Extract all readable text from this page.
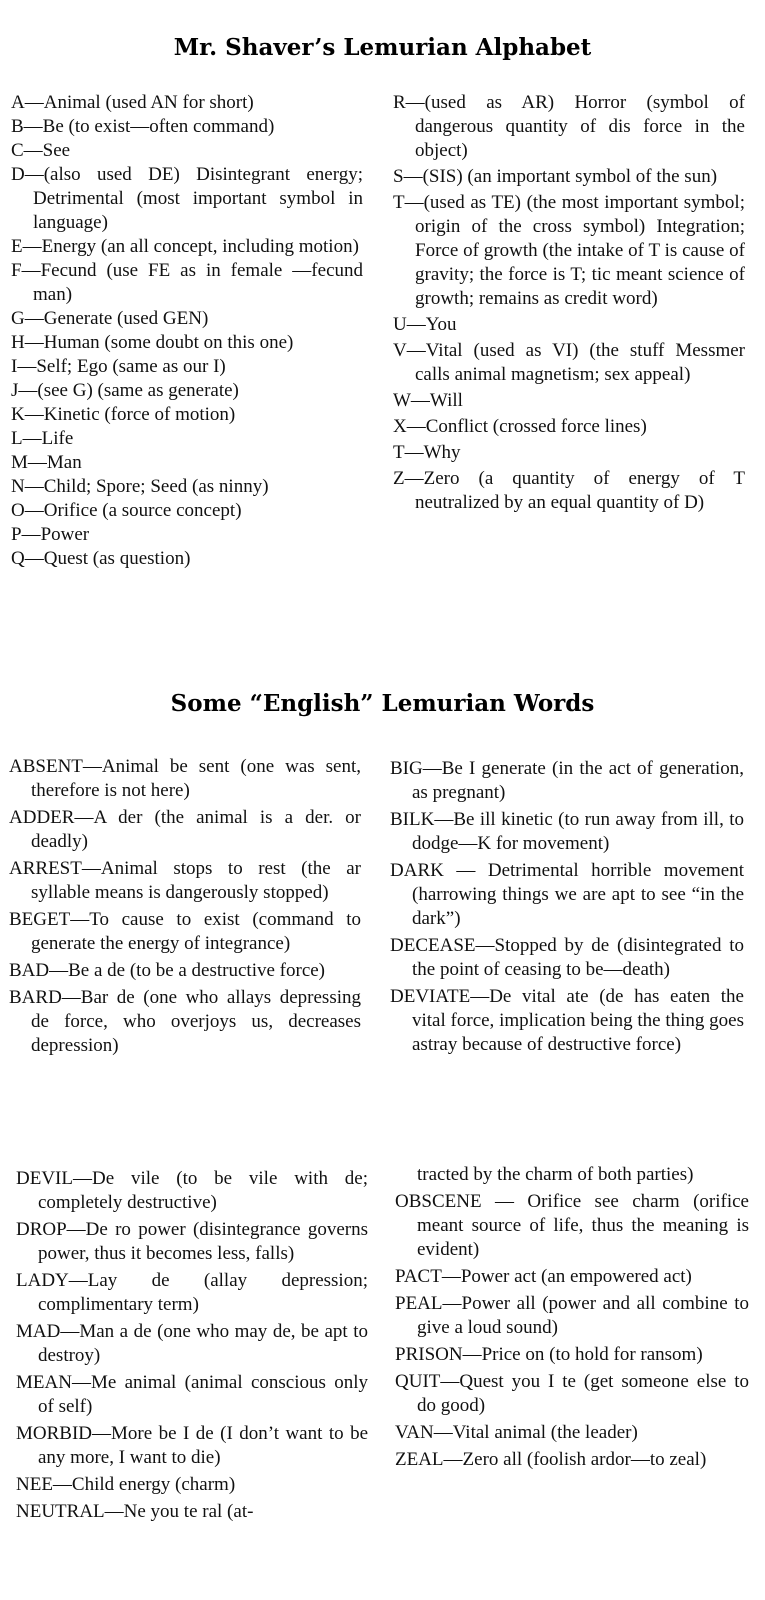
Mr. Shaver’s Lemurian Alphabet

A—Animal (used AN for short)

B—Be (to exist—often command)

C—See

D—(also used DE) Disintegrant energy; Detrimental (most important symbol in language)

E—Energy (an all concept, including motion)

F—Fecund (use FE as in female —fecund man)

G—Generate (used GEN)

H—Human (some doubt on this one)

I—Self; Ego (same as our I)

J—(see G) (same as generate)

K—Kinetic (force of motion)

L—Life

M—Man

N—Child; Spore; Seed (as ninny)

O—Orifice (a source concept)

P—Power

Q—Quest (as question)

R—(used as AR) Horror (symbol of dangerous quantity of dis force in the object)

S—(SIS) (an important symbol of the sun)

T—(used as TE) (the most important symbol; origin of the cross symbol) Integration; Force of growth (the intake of T is cause of gravity; the force is T; tic meant science of growth; remains as credit word)

U—You

V—Vital (used as VI) (the stuff Messmer calls animal magnetism; sex appeal)

W—Will

X—Conflict (crossed force lines)

T—Why

Z—Zero (a quantity of energy of T neutralized by an equal quantity of D)

Some “English” Lemurian Words

ABSENT—Animal be sent (one was sent, therefore is not here)

ADDER—A der (the animal is a der. or deadly)

ARREST—Animal stops to rest (the ar syllable means is dangerously stopped)

BEGET—To cause to exist (command to generate the energy of integrance)

BAD—Be a de (to be a destructive force)

BARD—Bar de (one who allays depressing de force, who overjoys us, decreases depression)

BIG—Be I generate (in the act of generation, as pregnant)

BILK—Be ill kinetic (to run away from ill, to dodge—K for movement)

DARK — Detrimental horrible movement (harrowing things we are apt to see “in the dark”)

DECEASE—Stopped by de (disintegrated to the point of ceasing to be—death)

DEVIATE—De vital ate (de has eaten the vital force, implication being the thing goes astray because of destructive force)

DEVIL—De vile (to be vile with de; completely destructive)

DROP—De ro power (disintegrance governs power, thus it becomes less, falls)

LADY—Lay de (allay depression; complimentary term)

MAD—Man a de (one who may de, be apt to destroy)

MEAN—Me animal (animal conscious only of self)

MORBID—More be I de (I don’t want to be any more, I want to die)

NEE—Child energy (charm)

NEUTRAL—Ne you te ral (at-

tracted by the charm of both parties)

OBSCENE — Orifice see charm (orifice meant source of life, thus the meaning is evident)

PACT—Power act (an empowered act)

PEAL—Power all (power and all combine to give a loud sound)

PRISON—Price on (to hold for ransom)

QUIT—Quest you I te (get someone else to do good)

VAN—Vital animal (the leader)

ZEAL—Zero all (foolish ardor—to zeal)
